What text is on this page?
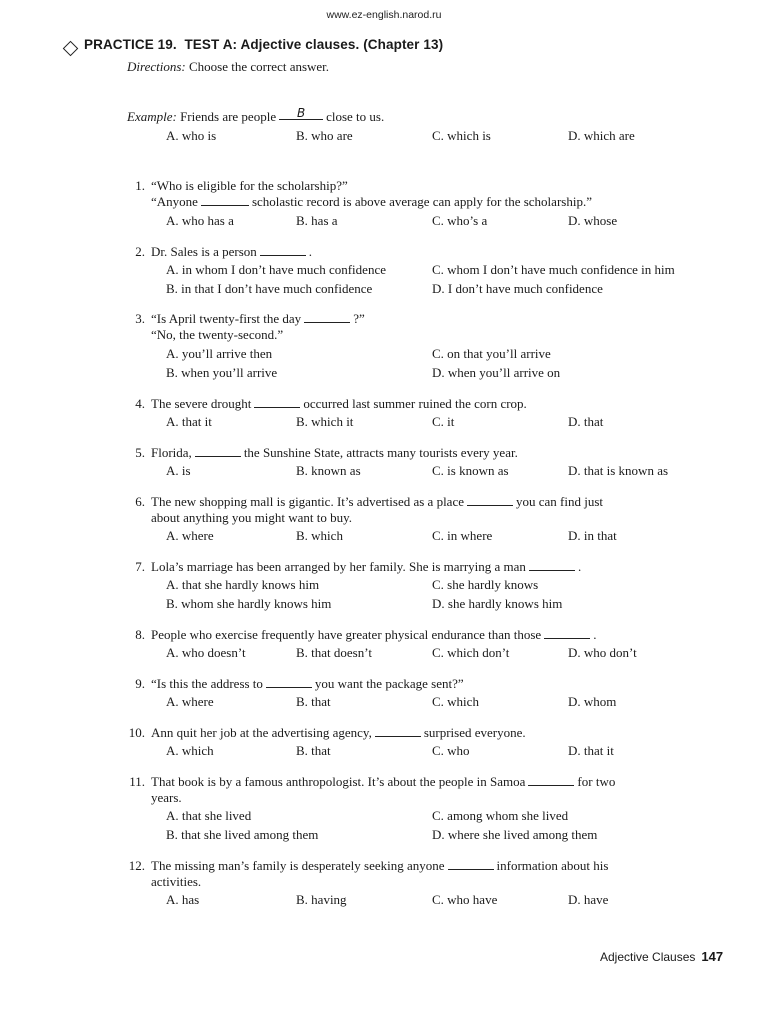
www.ez-english.narod.ru
PRACTICE 19. TEST A: Adjective clauses. (Chapter 13)
Directions: Choose the correct answer.
Example: Friends are people B close to us.
A. who is	B. who are	C. which is	D. which are
1. “Who is eligible for the scholarship?”
“Anyone	scholastic record is above average can apply for the scholarship.”
A. who has a	B. has a	C. who’s a	D. whose
2. Dr. Sales is a person	.
A. in whom I don’t have much confidence	C. whom I don’t have much confidence in him
B. in that I don’t have much confidence	D. I don’t have much confidence
3. “Is April twenty-first the day	?”
“No, the twenty-second.”
A. you’ll arrive then	C. on that you’ll arrive
B. when you’ll arrive	D. when you’ll arrive on
4. The severe drought	occurred last summer ruined the corn crop.
A. that it	B. which it	C. it	D. that
5. Florida,	the Sunshine State, attracts many tourists every year.
A. is	B. known as	C. is known as	D. that is known as
6. The new shopping mall is gigantic. It’s advertised as a place	you can find just
about anything you might want to buy.
A. where	B. which	C. in where	D. in that
7. Lola’s marriage has been arranged by her family. She is marrying a man	.
A. that she hardly knows him	C. she hardly knows
B. whom she hardly knows him	D. she hardly knows him
8. People who exercise frequently have greater physical endurance than those	.
A. who doesn’t	B. that doesn’t	C. which don’t	D. who don’t
9. “Is this the address to	you want the package sent?”
A. where	B. that	C. which	D. whom
10. Ann quit her job at the advertising agency,	surprised everyone.
A. which	B. that	C. who	D. that it
11. That book is by a famous anthropologist. It’s about the people in Samoa	for two
years.
A. that she lived	C. among whom she lived
B. that she lived among them	D. where she lived among them
12. The missing man’s family is desperately seeking anyone	information about his
activities.
A. has	B. having	C. who have	D. have
Adjective Clauses 147
